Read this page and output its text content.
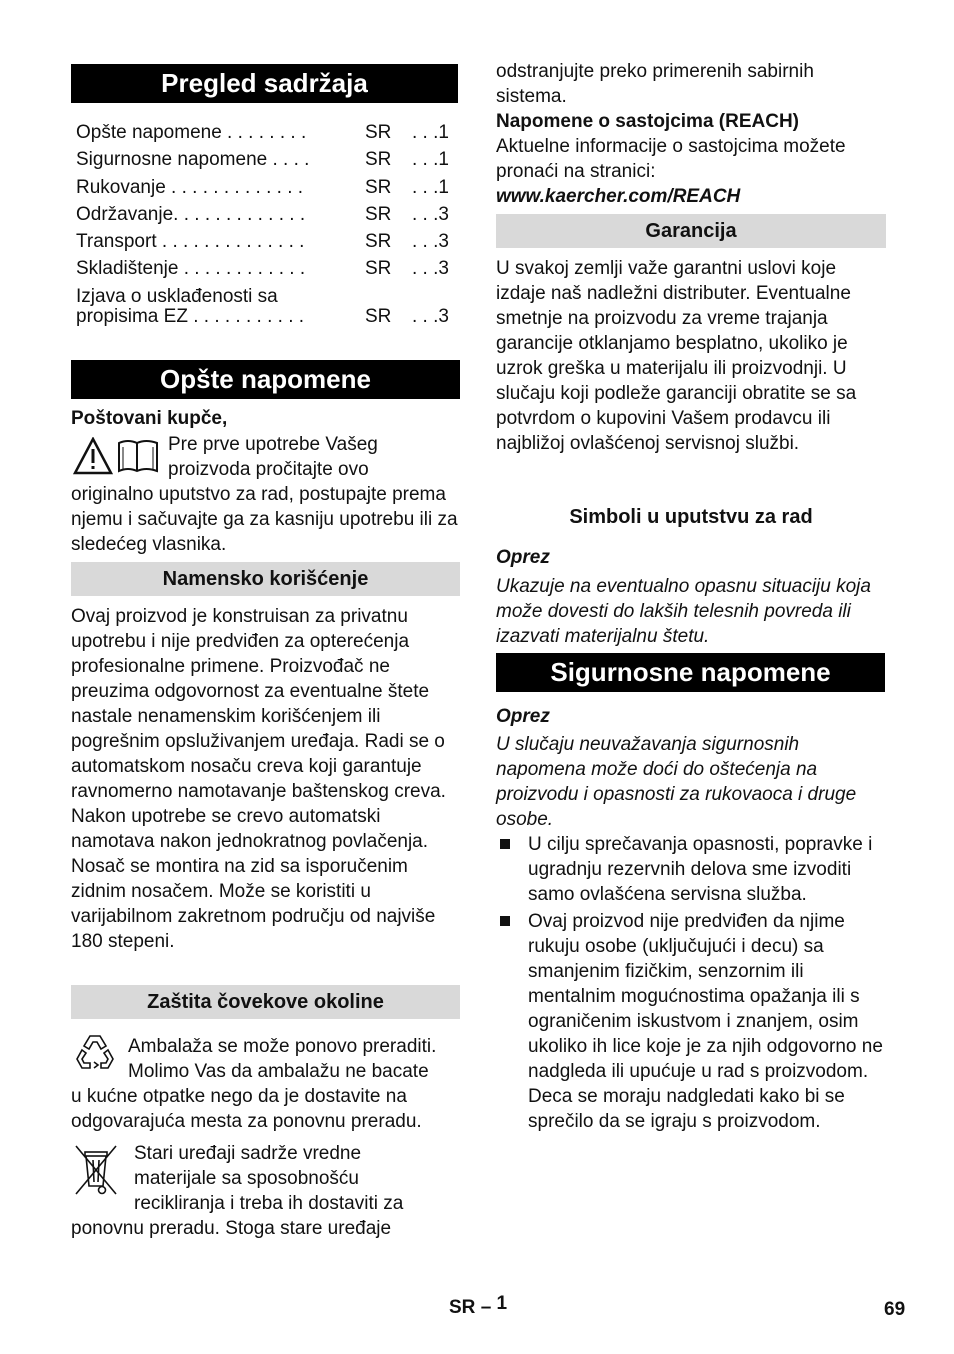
Pregled sadržaja
Opšte napomene . . . . . . . .	SR . . .1
Sigurnosne napomene . . . .	SR . . .1
Rukovanje . . . . . . . . . . . . .	SR . . .1
Održavanje. . . . . . . . . . . . .	SR . . .3
Transport . . . . . . . . . . . . . .	SR . . .3
Skladištenje . . . . . . . . . . . .	SR . . .3
Izjava o usklađenosti sa
propisima EZ . . . . . . . . . . .	SR . . .3
Opšte napomene

Poštovani kupče,

Pre prve upotrebe Vašeg

proizvoda pročitajte ovo

originalno uputstvo za rad, postupajte prema njemu i sačuvajte ga za kasniju upotrebu ili za sledećeg vlasnika.

Namensko korišćenje

Ovaj proizvod je konstruisan za privatnu upotrebu i nije predviđen za opterećenja profesionalne primene. Proizvođač ne preuzima odgovornost za eventualne štete nastale nenamenskim korišćenjem ili pogrešnim opsluživanjem uređaja. Radi se o automatskom nosaču creva koji garantuje ravnomerno namotavanje baštenskog creva. Nakon upotrebe se crevo automatski namotava nakon jednokratnog povlačenja. Nosač se montira na zid sa isporučenim zidnim nosačem. Može se koristiti u varijabilnom zakretnom području od najviše 180 stepeni.

Zaštita čovekove okoline

Ambalaža se može ponovo preraditi.

Molimo Vas da ambalažu ne bacate

u kućne otpatke nego da je dostavite na odgovarajuća mesta za ponovnu preradu.

Stari uređaji sadrže vredne

materijale sa sposobnošću

recikliranja i treba ih dostaviti za

ponovnu preradu. Stoga stare uređaje

odstranjujte preko primerenih sabirnih sistema.

Napomene o sastojcima (REACH)

Aktuelne informacije o sastojcima možete pronaći na stranici:

www.kaercher.com/REACH

Garancija

U svakoj zemlji važe garantni uslovi koje izdaje naš nadležni distributer. Eventualne smetnje na proizvodu za vreme trajanja garancije otklanjamo besplatno, ukoliko je uzrok greška u materijalu ili proizvodnji. U slučaju koji podleže garanciji obratite se sa potvrdom o kupovini Vašem prodavcu ili najbližoj ovlašćenoj servisnoj službi.

Simboli u uputstvu za rad

Oprez

Ukazuje na eventualno opasnu situaciju koja može dovesti do lakših telesnih povreda ili izazvati materijalnu štetu.

Sigurnosne napomene

Oprez

U slučaju neuvažavanja sigurnosnih napomena može doći do oštećenja na proizvodu i opasnosti za rukovaoca i druge osobe.

U cilju sprečavanja opasnosti, popravke i ugradnju rezervnih delova sme izvoditi samo ovlašćena servisna služba.

Ovaj proizvod nije predviđen da njime rukuju osobe (uključujući i decu) sa smanjenim fizičkim, senzornim ili mentalnim mogućnostima opažanja ili s ograničenim iskustvom i znanjem, osim ukoliko ih lice koje je za njih odgovorno ne nadgleda ili upućuje u rad s proizvodom. Deca se moraju nadgledati kako bi se sprečilo da se igraju s proizvodom.

SR – 1	69
